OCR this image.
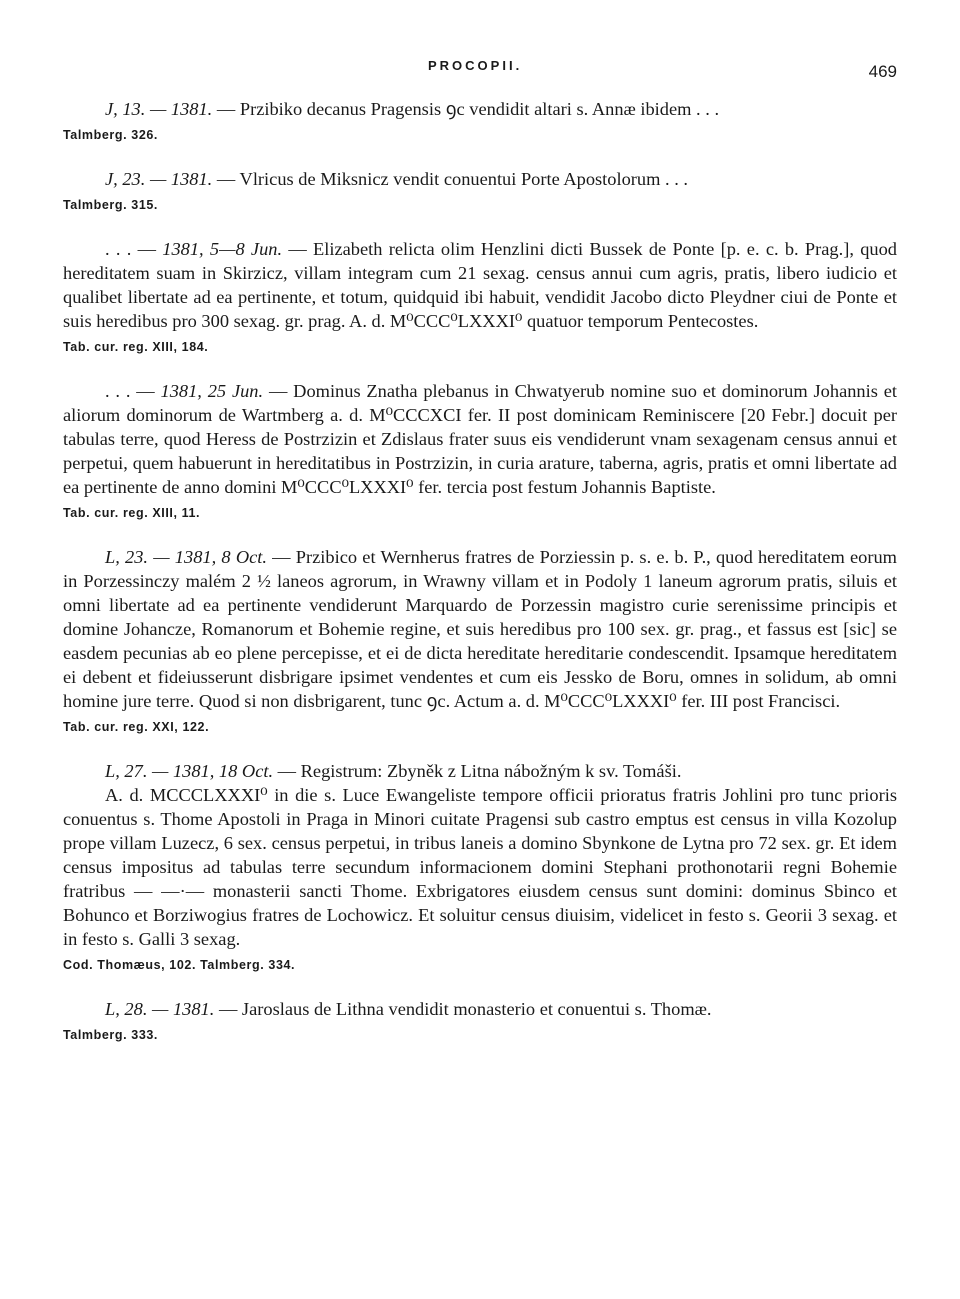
PROCOPII.	469

J, 13. — 1381. — Przibiko decanus Pragensis ꝯc vendidit altari s. Annæ ibidem . . .

Talmberg. 326.

J, 23. — 1381. — Vlricus de Miksnicz vendit conuentui Porte Apostolorum . . .

Talmberg. 315.

. . . — 1381, 5—8 Jun. — Elizabeth relicta olim Henzlini dicti Bussek de Ponte [p. e. c. b. Prag.], quod hereditatem suam in Skirzicz, villam integram cum 21 sexag. census annui cum agris, pratis, libero iudicio et qualibet libertate ad ea pertinente, et totum, quidquid ibi habuit, vendidit Jacobo dicto Pleydner ciui de Ponte et suis heredibus pro 300 sexag. gr. prag. A. d. M⁰CCC⁰LXXXI⁰ quatuor temporum Pentecostes.

Tab. cur. reg. XIII, 184.

. . . — 1381, 25 Jun. — Dominus Znatha plebanus in Chwatyerub nomine suo et dominorum Johannis et aliorum dominorum de Wartmberg a. d. M⁰CCCXCI fer. II post dominicam Reminiscere [20 Febr.] docuit per tabulas terre, quod Heress de Postrzizin et Zdislaus frater suus eis vendiderunt vnam sexagenam census annui et perpetui, quem habuerunt in hereditatibus in Postrzizin, in curia arature, taberna, agris, pratis et omni libertate ad ea pertinente de anno domini M⁰CCC⁰LXXXI⁰ fer. tercia post festum Johannis Baptiste.

Tab. cur. reg. XIII, 11.

L, 23. — 1381, 8 Oct. — Przibico et Wernherus fratres de Porziessin p. s. e. b. P., quod hereditatem eorum in Porzessinczy malém 2 ½ laneos agrorum, in Wrawny villam et in Podoly 1 laneum agrorum pratis, siluis et omni libertate ad ea pertinente vendiderunt Marquardo de Porzessin magistro curie serenissime principis et domine Johancze, Romanorum et Bohemie regine, et suis heredibus pro 100 sex. gr. prag., et fassus est [sic] se easdem pecunias ab eo plene percepisse, et ei de dicta hereditate hereditarie condescendit. Ipsamque hereditatem ei debent et fideiusserunt disbrigare ipsimet vendentes et cum eis Jessko de Boru, omnes in solidum, ab omni homine jure terre. Quod si non disbrigarent, tunc ꝯc. Actum a. d. M⁰CCC⁰LXXXI⁰ fer. III post Francisci.

Tab. cur. reg. XXI, 122.

L, 27. — 1381, 18 Oct. — Registrum: Zbyněk z Litna nábožným k sv. Tomáši.

A. d. MCCCLXXXI⁰ in die s. Luce Ewangeliste tempore officii prioratus fratris Johlini pro tunc prioris conuentus s. Thome Apostoli in Praga in Minori cuitate Pragensi sub castro emptus est census in villa Kozolup prope villam Luzecz, 6 sex. census perpetui, in tribus laneis a domino Sbynkone de Lytna pro 72 sex. gr. Et idem census impositus ad tabulas terre secundum informacionem domini Stephani prothonotarii regni Bohemie fratribus — —·— monasterii sancti Thome. Exbrigatores eiusdem census sunt domini: dominus Sbinco et Bohunco et Borziwogius fratres de Lochowicz. Et soluitur census diuisim, videlicet in festo s. Georii 3 sexag. et in festo s. Galli 3 sexag.

Cod. Thomæus, 102. Talmberg. 334.

L, 28. — 1381. — Jaroslaus de Lithna vendidit monasterio et conuentui s. Thomæ.

Talmberg. 333.
